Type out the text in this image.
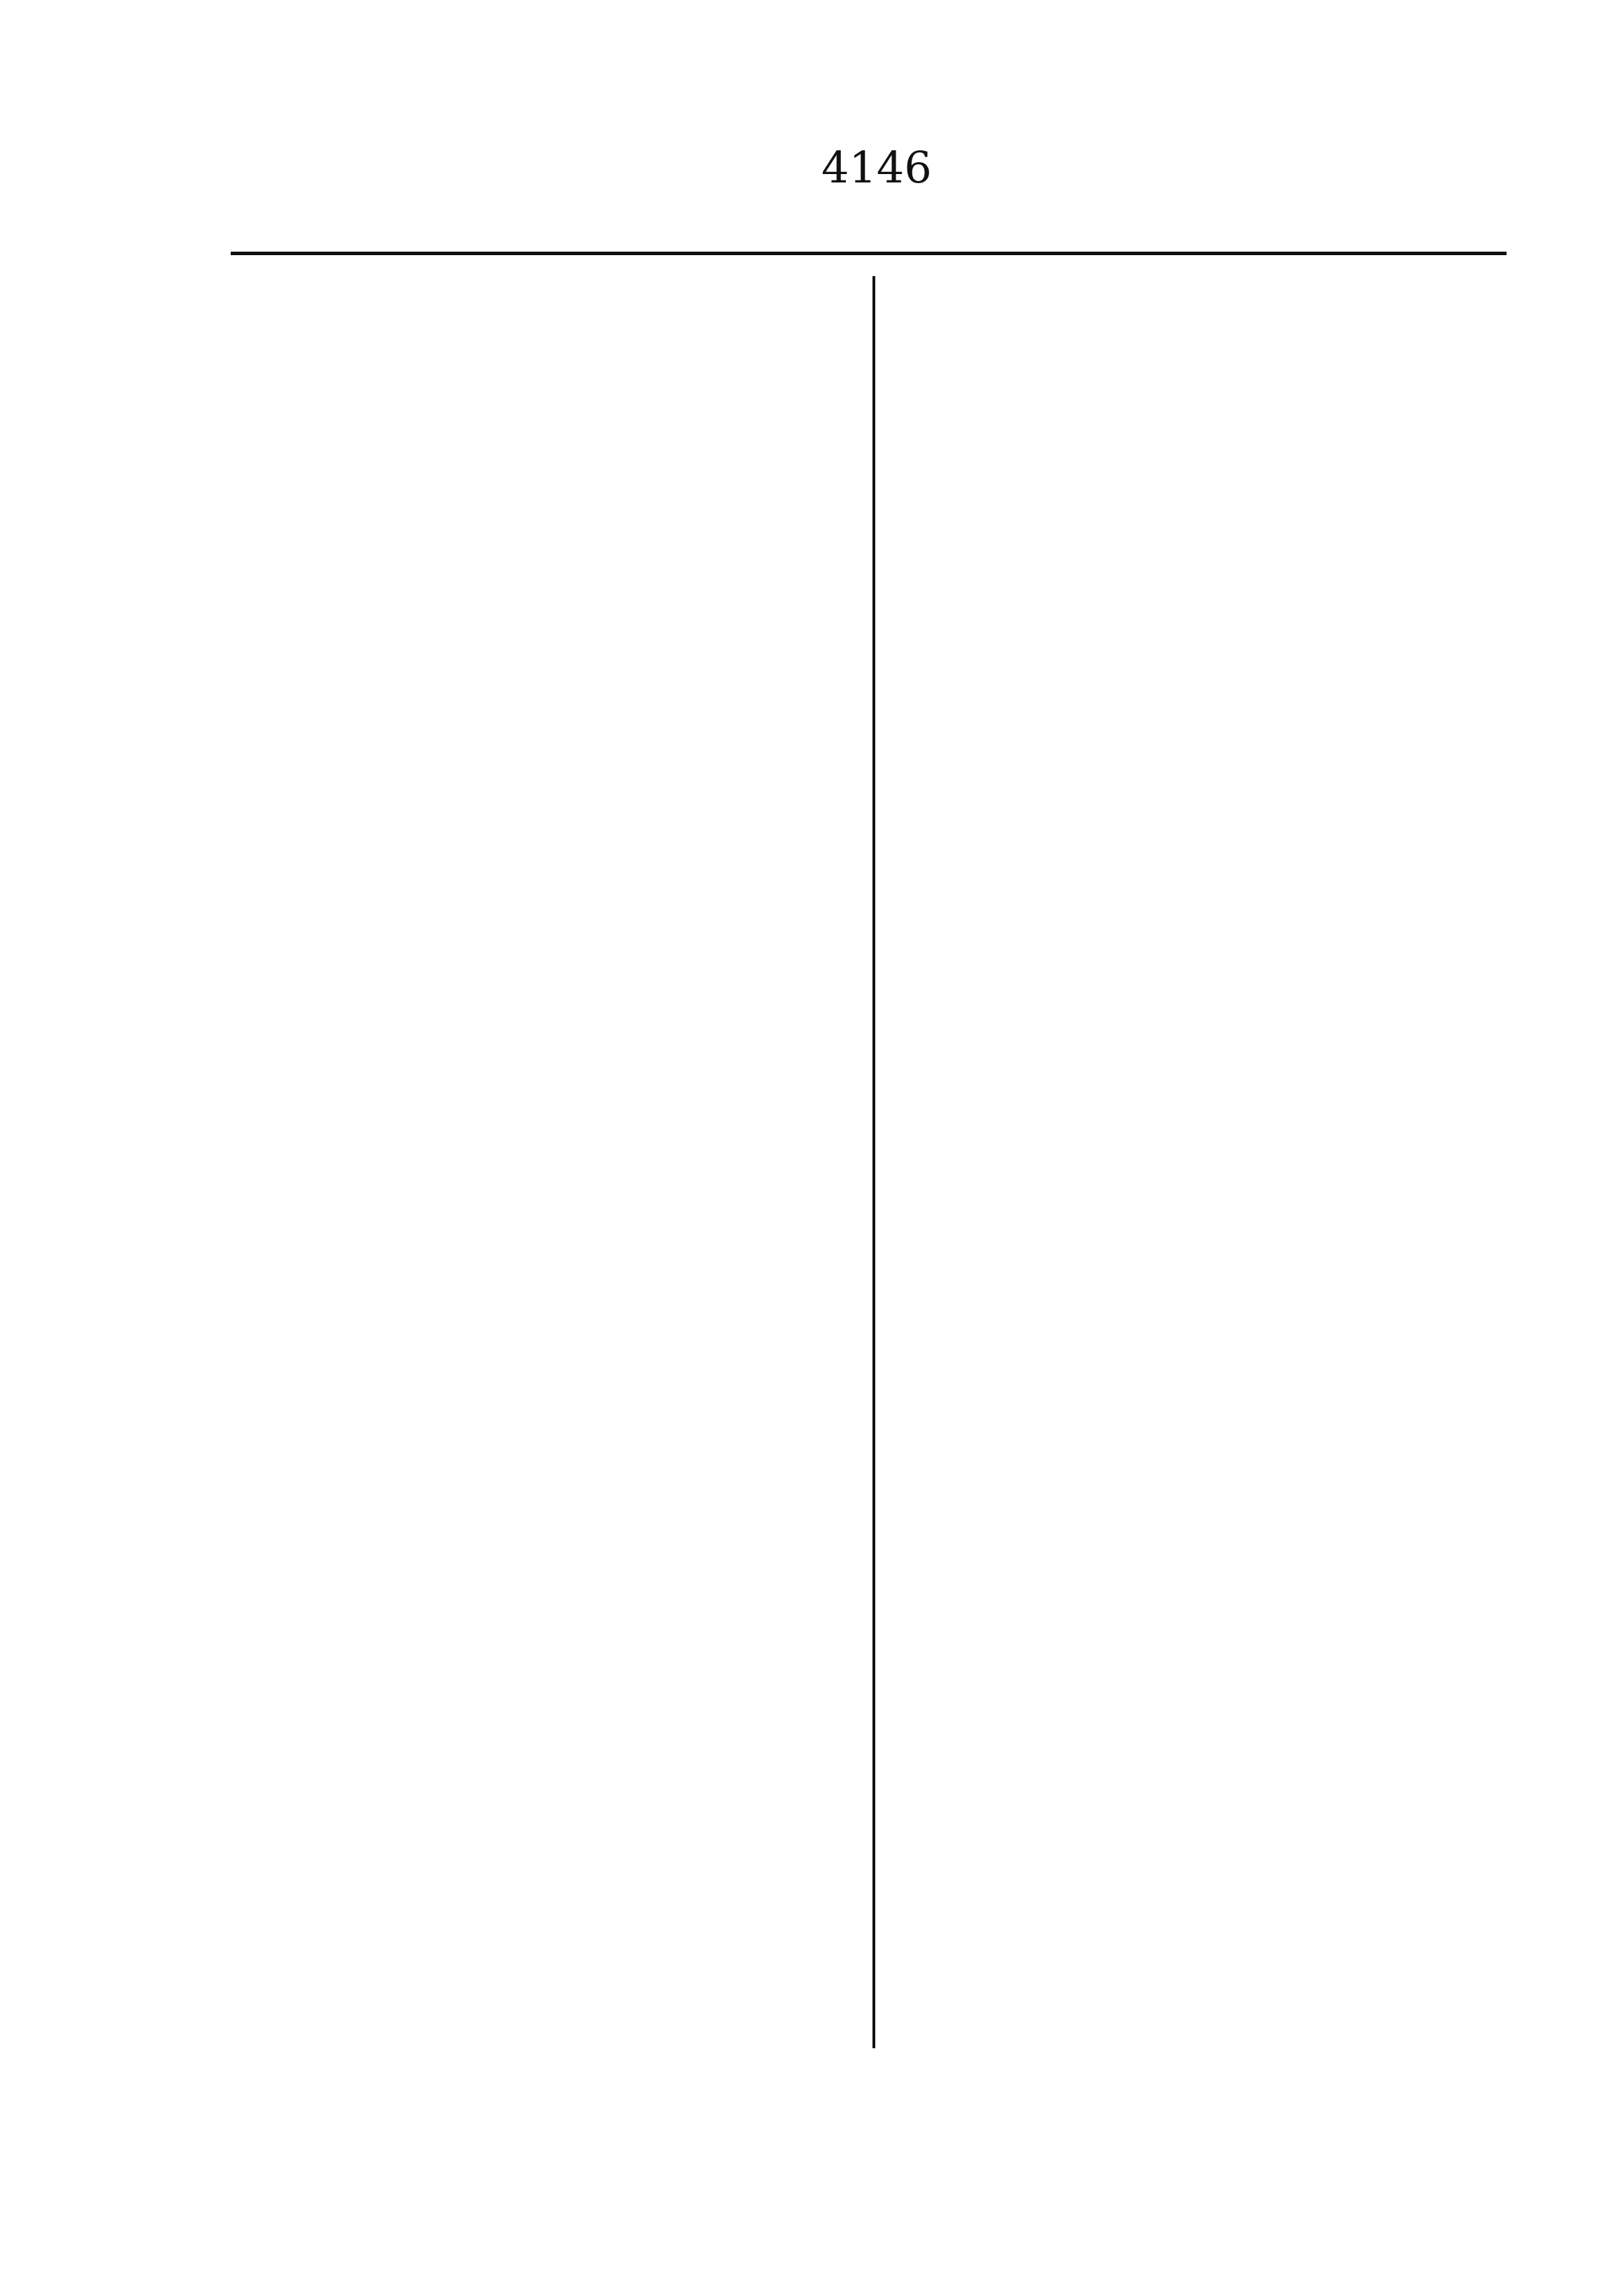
4146
